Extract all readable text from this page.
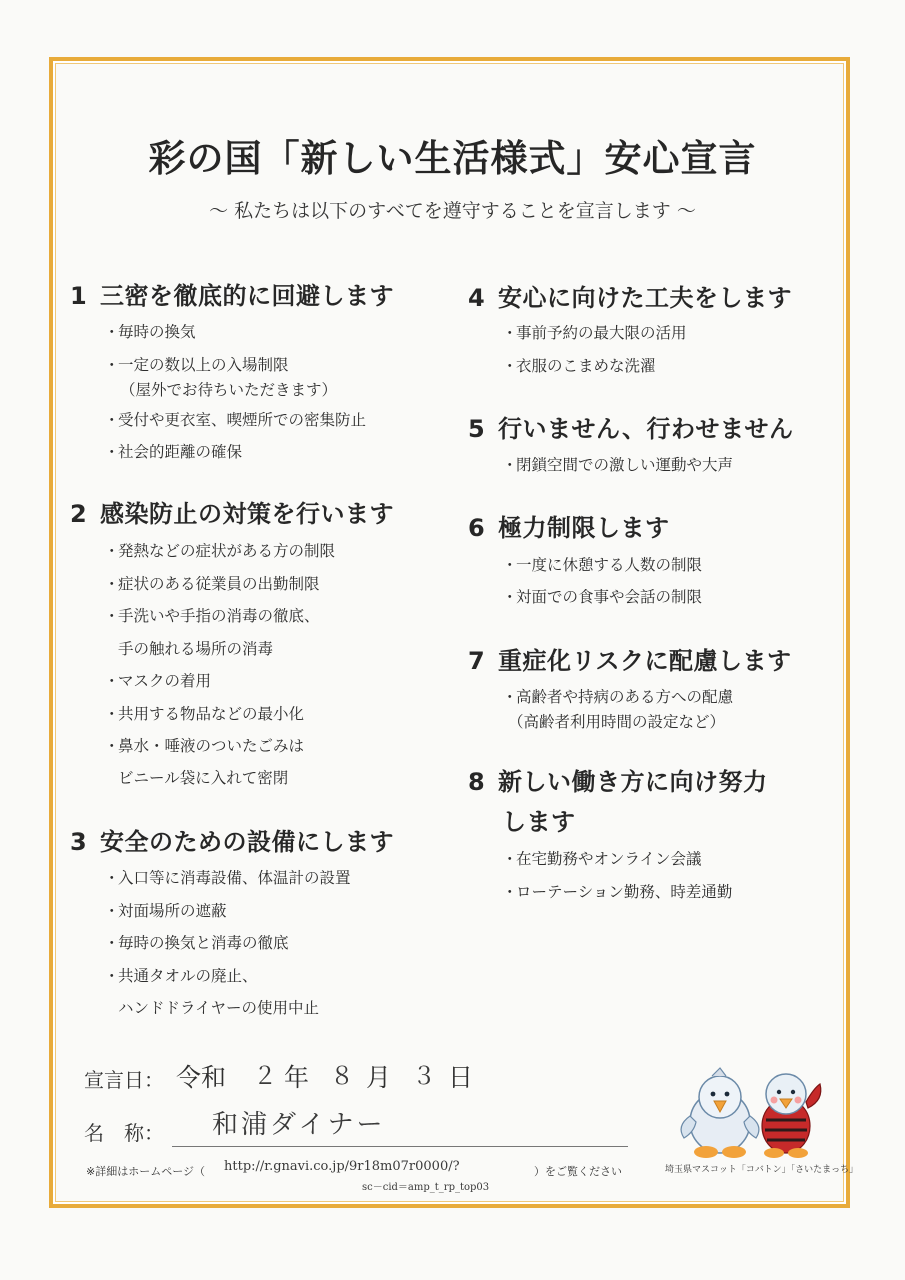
彩の国「新しい生活様式」安心宣言
～ 私たちは以下のすべてを遵守することを宣言します ～
1 三密を徹底的に回避します
・毎時の換気
・一定の数以上の入場制限
（屋外でお待ちいただきます）
・受付や更衣室、喫煙所での密集防止
・社会的距離の確保
2 感染防止の対策を行います
・発熱などの症状がある方の制限
・症状のある従業員の出勤制限
・手洗いや手指の消毒の徹底、
手の触れる場所の消毒
・マスクの着用
・共用する物品などの最小化
・鼻水・唾液のついたごみは
ビニール袋に入れて密閉
3 安全のための設備にします
・入口等に消毒設備、体温計の設置
・対面場所の遮蔽
・毎時の換気と消毒の徹底
・共通タオルの廃止、
ハンドドライヤーの使用中止
4 安心に向けた工夫をします
・事前予約の最大限の活用
・衣服のこまめな洗濯
5 行いません、行わせません
・閉鎖空間での激しい運動や大声
6 極力制限します
・一度に休憩する人数の制限
・対面での食事や会話の制限
7 重症化リスクに配慮します
・高齢者や持病のある方への配慮
（高齢者利用時間の設定など）
8 新しい働き方に向け努力
します
・在宅勤務やオンライン会議
・ローテーション勤務、時差通勤
宣言日： 令和 ２ 年 ８ 月 ３ 日
名　称： 和浦ダイナー
※詳細はホームページ（ http://r.gnavi.co.jp/9r18m07r0000/?	）をご覧ください
sc－cid＝amp_t_rp_top03
埼玉県マスコット「コバトン」「さいたまっち」
